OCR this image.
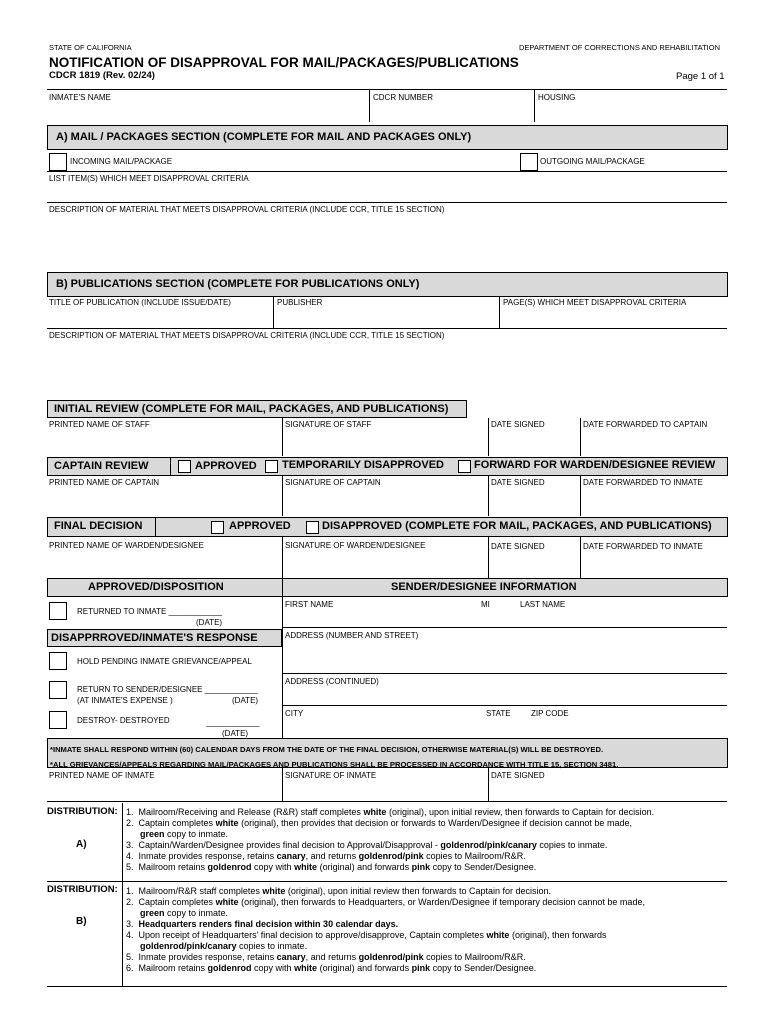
STATE OF CALIFORNIA	DEPARTMENT OF CORRECTIONS AND REHABILITATION
NOTIFICATION OF DISAPPROVAL FOR MAIL/PACKAGES/PUBLICATIONS
CDCR 1819 (Rev. 02/24)	Page 1 of 1
INMATE'S NAME	CDCR NUMBER	HOUSING
A) MAIL / PACKAGES SECTION (COMPLETE FOR MAIL AND PACKAGES ONLY)
INCOMING MAIL/PACKAGE	OUTGOING MAIL/PACKAGE
LIST ITEM(S) WHICH MEET DISAPPROVAL CRITERIA
DESCRIPTION OF MATERIAL THAT MEETS DISAPPROVAL CRITERIA (INCLUDE CCR, TITLE 15 SECTION)
B) PUBLICATIONS SECTION (COMPLETE FOR PUBLICATIONS ONLY)
TITLE OF PUBLICATION (INCLUDE ISSUE/DATE)	PUBLISHER	PAGE(S) WHICH MEET DISAPPROVAL CRITERIA
DESCRIPTION OF MATERIAL THAT MEETS DISAPPROVAL CRITERIA (INCLUDE CCR, TITLE 15 SECTION)
INITIAL REVIEW (COMPLETE FOR MAIL, PACKAGES, AND PUBLICATIONS)
PRINTED NAME OF STAFF	SIGNATURE OF STAFF	DATE SIGNED	DATE FORWARDED TO CAPTAIN
CAPTAIN REVIEW	APPROVED TEMPORARILY DISAPPROVED	FORWARD FOR WARDEN/DESIGNEE REVIEW
PRINTED NAME OF CAPTAIN	SIGNATURE OF CAPTAIN	DATE SIGNED	DATE FORWARDED TO INMATE
FINAL DECISION	APPROVED	DISAPPROVED (COMPLETE FOR MAIL, PACKAGES, AND PUBLICATIONS)
PRINTED NAME OF WARDEN/DESIGNEE	SIGNATURE OF WARDEN/DESIGNEE	DATE SIGNED	DATE FORWARDED TO INMATE
APPROVED/DISPOSITION	SENDER/DESIGNEE INFORMATION
RETURNED TO INMATE ____________
(DATE)
DISAPPRROVED/INMATE'S RESPONSE
HOLD PENDING INMATE GRIEVANCE/APPEAL
RETURN TO SENDER/DESIGNEE ____________
(AT INMATE'S EXPENSE )	(DATE)
DESTROY- DESTROYED	____________
(DATE)
FIRST NAME	MI	LAST NAME
ADDRESS (NUMBER AND STREET)
ADDRESS (CONTINUED)
CITY	STATE	ZIP CODE
*INMATE SHALL RESPOND WITHIN (60) CALENDAR DAYS FROM THE DATE OF THE FINAL DECISION, OTHERWISE MATERIAL(S) WILL BE DESTROYED.
*ALL GRIEVANCES/APPEALS REGARDING MAIL/PACKAGES AND PUBLICATIONS SHALL BE PROCESSED IN ACCORDANCE WITH TITLE 15, SECTION 3481.
PRINTED NAME OF INMATE	SIGNATURE OF INMATE	DATE SIGNED
DISTRIBUTION:
A)
1.  Mailroom/Receiving and Release (R&R) staff completes white (original), upon initial review, then forwards to Captain for decision.
2.  Captain completes white (original), then provides that decision or forwards to Warden/Designee if decision cannot be made,
green copy to inmate.
3.  Captain/Warden/Designee provides final decision to Approval/Disapproval - goldenrod/pink/canary copies to inmate.
4.  Inmate provides response, retains canary, and returns goldenrod/pink copies to Mailroom/R&R.
5.  Mailroom retains goldenrod copy with white (original) and forwards pink copy to Sender/Designee.
DISTRIBUTION:
B)
1.  Mailroom/R&R staff completes white (original), upon initial review then forwards to Captain for decision.
2.  Captain completes white (original), then forwards to Headquarters, or Warden/Designee if temporary decision cannot be made,
green copy to inmate.
3.  Headquarters renders final decision within 30 calendar days.
4.  Upon receipt of Headquarters' final decision to approve/disapprove, Captain completes white (original), then forwards
goldenrod/pink/canary copies to inmate.
5.  Inmate provides response, retains canary, and returns goldenrod/pink copies to Mailroom/R&R.
6.  Mailroom retains goldenrod copy with white (original) and forwards pink copy to Sender/Designee.
